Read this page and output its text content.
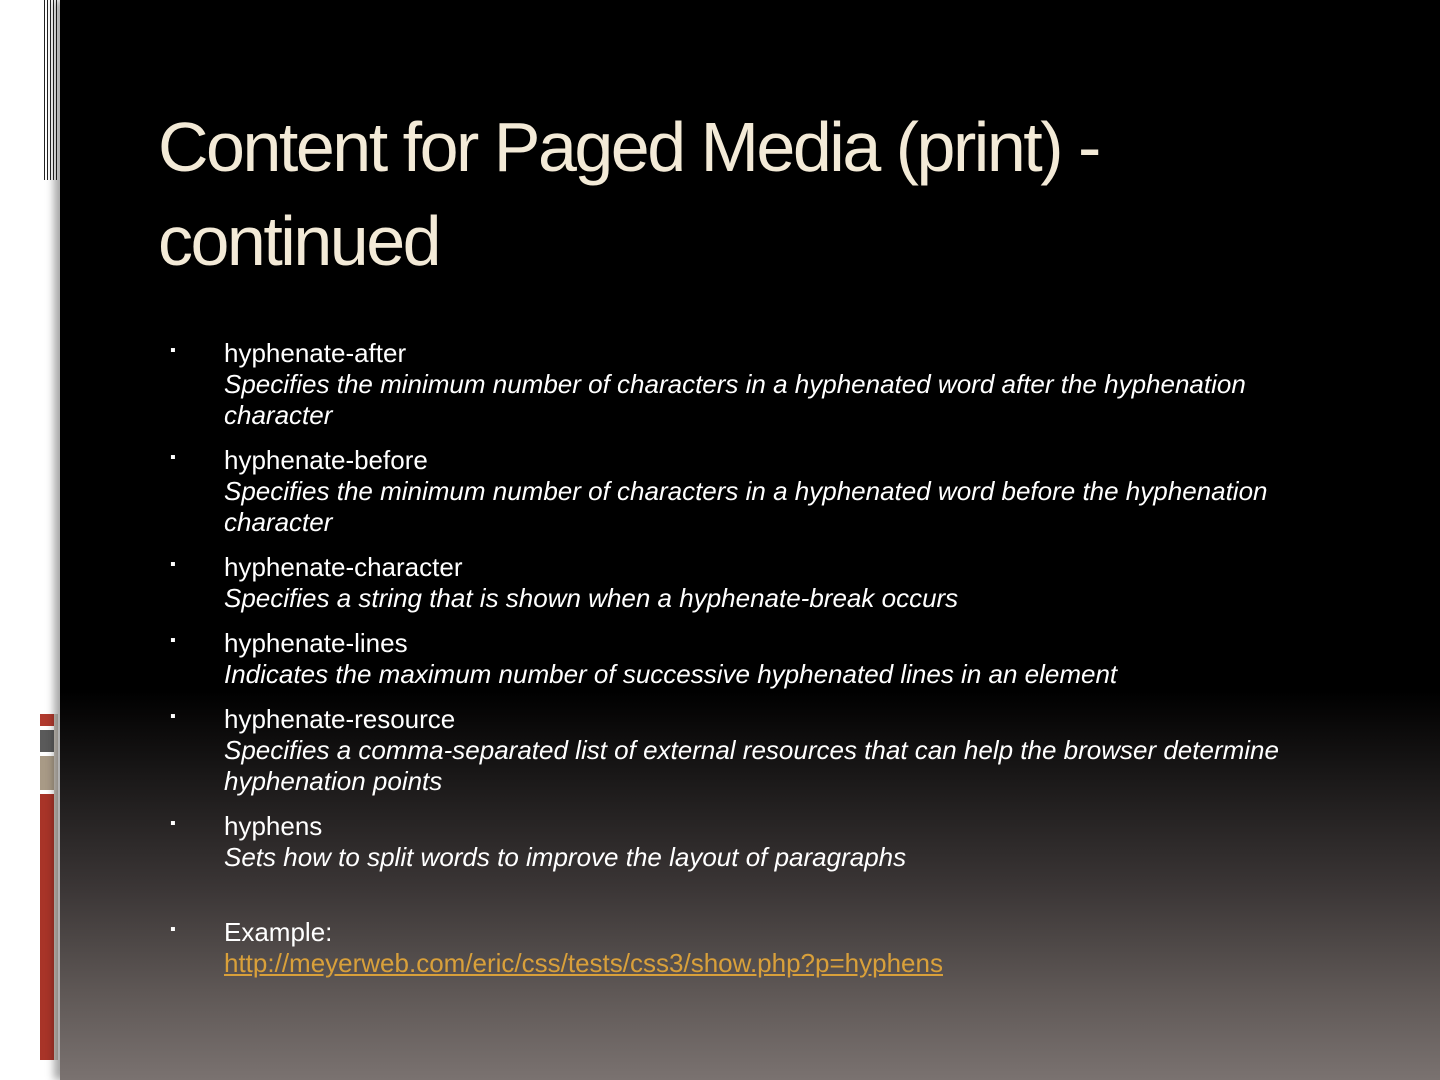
Content for Paged Media (print) - continued
▪ hyphenate-after
Specifies the minimum number of characters in a hyphenated word after the hyphenation character
▪ hyphenate-before
Specifies the minimum number of characters in a hyphenated word before the hyphenation character
▪ hyphenate-character
Specifies a string that is shown when a hyphenate-break occurs
▪ hyphenate-lines
Indicates the maximum number of successive hyphenated lines in an element
▪ hyphenate-resource
Specifies a comma-separated list of external resources that can help the browser determine hyphenation points
▪ hyphens
Sets how to split words to improve the layout of paragraphs
▪ Example:
http://meyerweb.com/eric/css/tests/css3/show.php?p=hyphens
